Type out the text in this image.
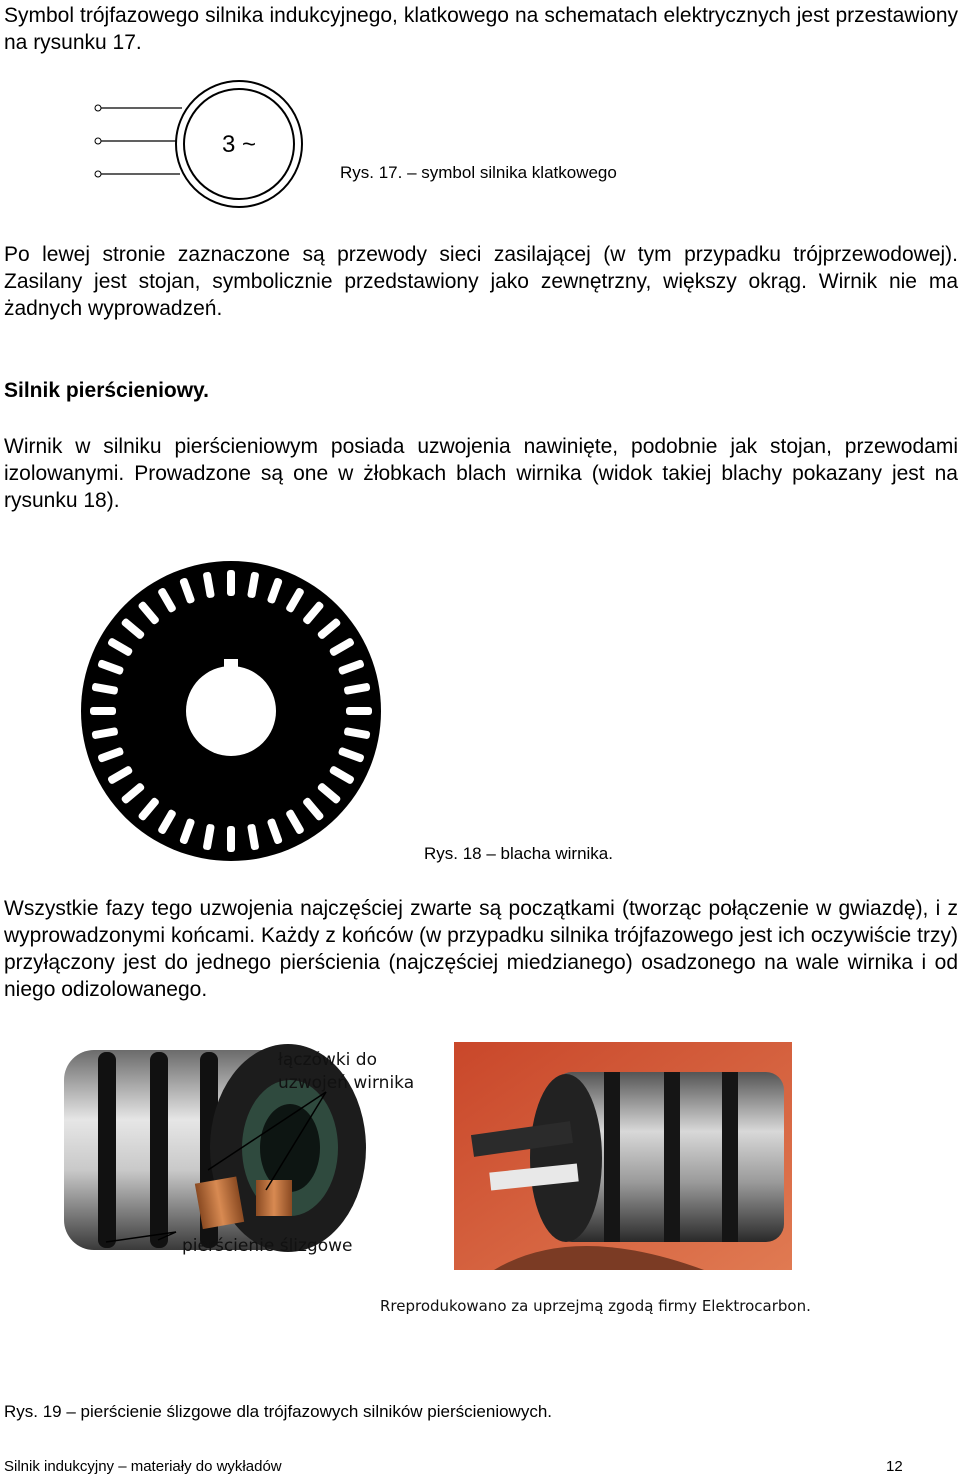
Symbol trójfazowego silnika indukcyjnego, klatkowego na schematach elektrycznych jest przestawiony na rysunku 17.

3 ~
Rys. 17. – symbol silnika klatkowego

Po lewej stronie zaznaczone są przewody sieci zasilającej (w tym przypadku trójprzewodowej). Zasilany jest stojan, symbolicznie przedstawiony jako zewnętrzny, większy okrąg. Wirnik nie ma żadnych wyprowadzeń.

Silnik pierścieniowy.

Wirnik w silniku pierścieniowym posiada uzwojenia nawinięte, podobnie jak stojan, przewodami izolowanymi. Prowadzone są one w żłobkach blach wirnika (widok takiej blachy pokazany jest na rysunku 18).

Rys. 18 – blacha wirnika.

Wszystkie fazy tego uzwojenia najczęściej zwarte są początkami (tworząc połączenie w gwiazdę), i z wyprowadzonymi końcami. Każdy z końców (w przypadku silnika trójfazowego jest ich oczywiście trzy) przyłączony jest do jednego pierścienia (najczęściej miedzianego) osadzonego na wale wirnika i od niego odizolowanego.

łączówki do
uzwojeń wirnika
pierścienie ślizgowe
Rreprodukowano za uprzejmą zgodą firmy Elektrocarbon.
Rys. 19 – pierścienie ślizgowe dla trójfazowych silników pierścieniowych.
Silnik indukcyjny – materiały do wykładów	12
